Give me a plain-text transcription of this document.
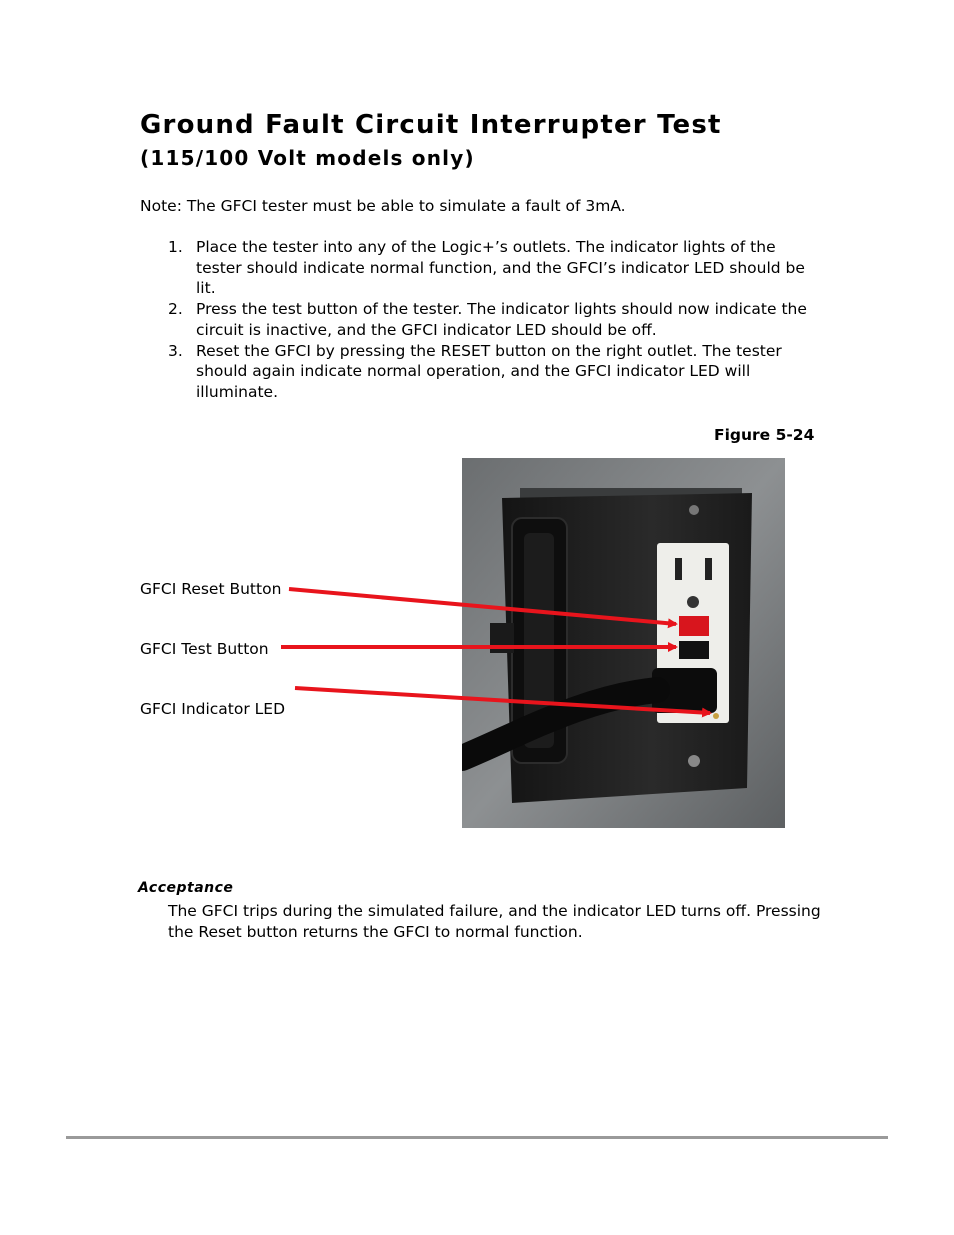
Ground Fault Circuit Interrupter Test
(115/100 Volt models only)
Note: The GFCI tester must be able to simulate a fault of 3mA.
1. Place the tester into any of the Logic+’s outlets. The indicator lights of the tester should indicate normal function, and the GFCI’s indicator LED should be lit.
2. Press the test button of the tester. The indicator lights should now indicate the circuit is inactive, and the GFCI indicator LED should be off.
3. Reset the GFCI by pressing the RESET button on the right outlet. The tester should again indicate normal operation, and the GFCI indicator LED will illuminate.
Figure 5-24
GFCI Reset Button
GFCI Test Button
GFCI Indicator LED
Acceptance
The GFCI trips during the simulated failure, and the indicator LED turns off. Pressing the Reset button returns the GFCI to normal function.
